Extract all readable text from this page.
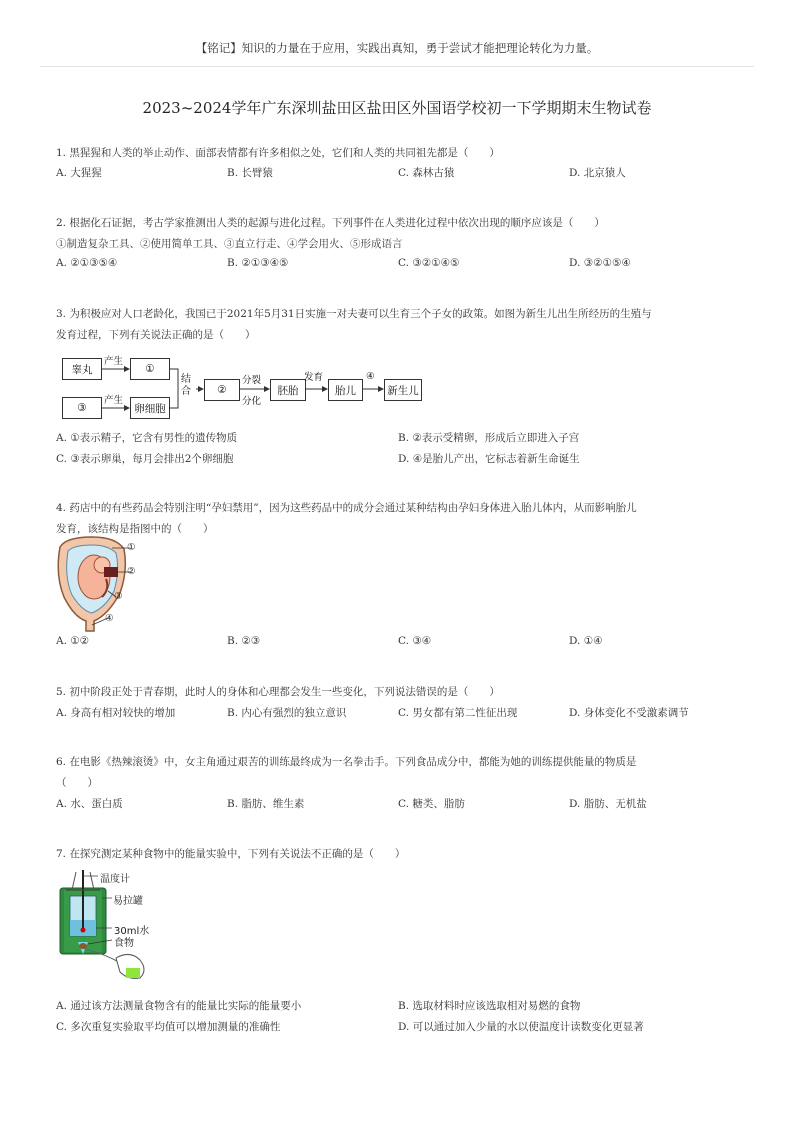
【铭记】知识的力量在于应用，实践出真知，勇于尝试才能把理论转化为力量。
2023~2024学年广东深圳盐田区盐田区外国语学校初一下学期期末生物试卷
1. 黑猩猩和人类的举止动作、面部表情都有许多相似之处，它们和人类的共同祖先都是（　　）
A. 大猩猩	B. 长臂猿	C. 森林古猿	D. 北京猿人
2. 根据化石证据，考古学家推测出人类的起源与进化过程。下列事件在人类进化过程中依次出现的顺序应该是（　　）
①制造复杂工具、②使用简单工具、③直立行走、④学会用火、⑤形成语言
A. ②①③⑤④	B. ②①③④⑤	C. ③②①④⑤	D. ③②①⑤④
3. 为积极应对人口老龄化，我国已于2021年5月31日实施一对夫妻可以生育三个子女的政策。如图为新生儿出生所经历的生殖与
发育过程，下列有关说法正确的是（　　）
睾丸
产生
①
③
产生
卵细胞
结合	②
分裂
分化
胚胎
发育
胎儿
④
新生儿
A. ①表示精子，它含有男性的遗传物质	B. ②表示受精卵，形成后立即进入子宫
C. ③表示卵巢，每月会排出2个卵细胞	D. ④是胎儿产出，它标志着新生命诞生
4. 药店中的有些药品会特别注明“孕妇禁用”，因为这些药品中的成分会通过某种结构由孕妇身体进入胎儿体内，从而影响胎儿
发育，该结构是指图中的（　　）
①
②
③
④
A. ①②	B. ②③	C. ③④	D. ①④
5. 初中阶段正处于青春期，此时人的身体和心理都会发生一些变化，下列说法错误的是（　　）
A. 身高有相对较快的增加	B. 内心有强烈的独立意识	C. 男女都有第二性征出现	D. 身体变化不受激素调节
6. 在电影《热辣滚烫》中，女主角通过艰苦的训练最终成为一名拳击手。下列食品成分中，都能为她的训练提供能量的物质是
（　　）
A. 水、蛋白质	B. 脂肪、维生素	C. 糖类、脂肪	D. 脂肪、无机盐
7. 在探究测定某种食物中的能量实验中，下列有关说法不正确的是（　　）
温度计
易拉罐
30ml水
食物
A. 通过该方法测量食物含有的能量比实际的能量要小	B. 选取材料时应该选取相对易燃的食物
C. 多次重复实验取平均值可以增加测量的准确性	D. 可以通过加入少量的水以使温度计读数变化更显著
